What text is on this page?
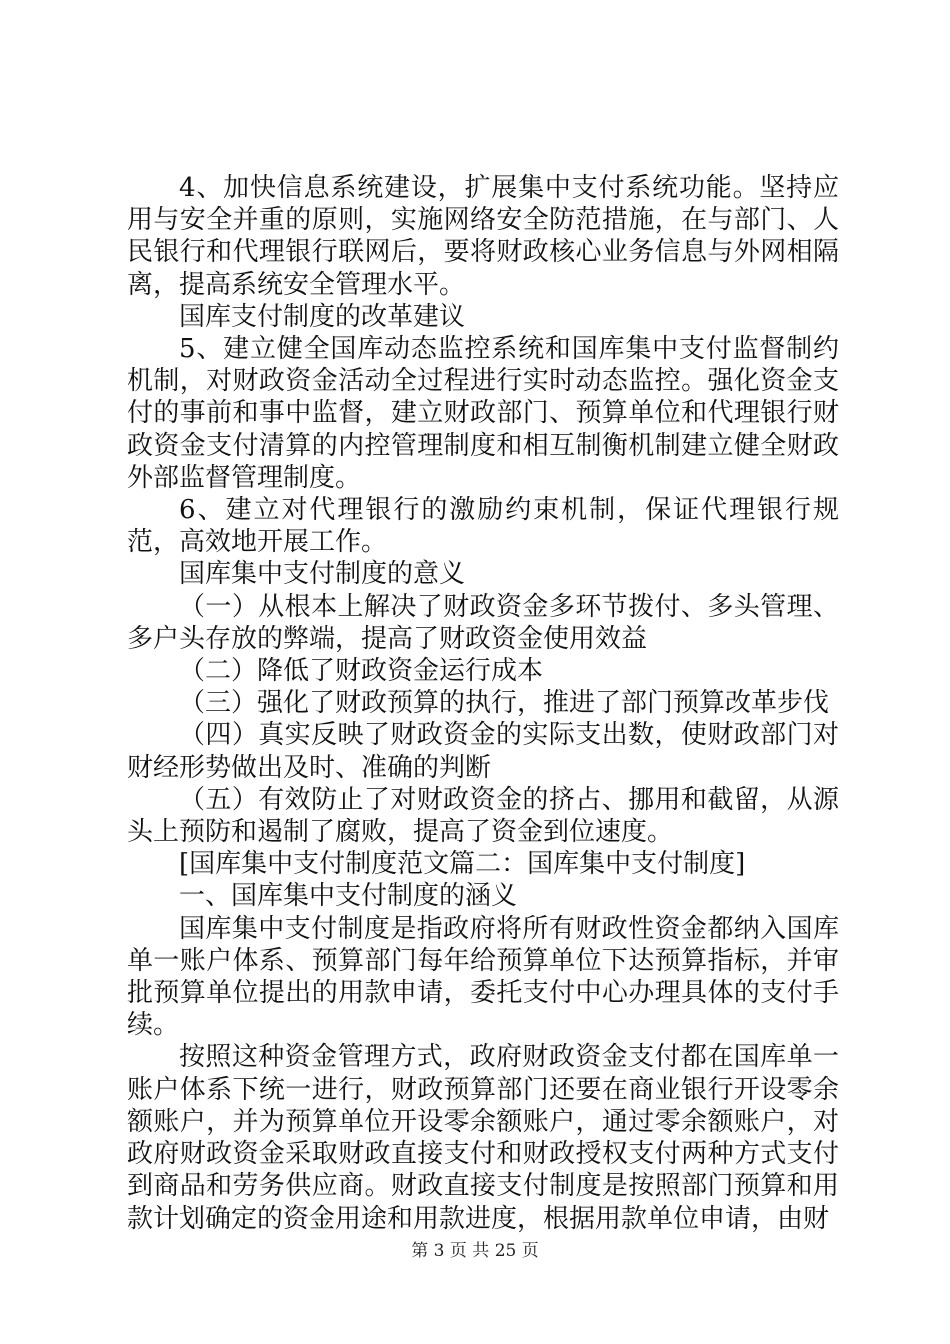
4、加快信息系统建设，扩展集中支付系统功能。坚持应用与安全并重的原则，实施网络安全防范措施，在与部门、人民银行和代理银行联网后，要将财政核心业务信息与外网相隔离，提高系统安全管理水平。

国库支付制度的改革建议

5、建立健全国库动态监控系统和国库集中支付监督制约机制，对财政资金活动全过程进行实时动态监控。强化资金支付的事前和事中监督，建立财政部门、预算单位和代理银行财政资金支付清算的内控管理制度和相互制衡机制建立健全财政外部监督管理制度。

6、建立对代理银行的激励约束机制，保证代理银行规范，高效地开展工作。

国库集中支付制度的意义

（一）从根本上解决了财政资金多环节拨付、多头管理、多户头存放的弊端，提高了财政资金使用效益

（二）降低了财政资金运行成本

（三）强化了财政预算的执行，推进了部门预算改革步伐

（四）真实反映了财政资金的实际支出数，使财政部门对财经形势做出及时、准确的判断

（五）有效防止了对财政资金的挤占、挪用和截留，从源头上预防和遏制了腐败，提高了资金到位速度。

[国库集中支付制度范文篇二：国库集中支付制度]

一、国库集中支付制度的涵义

国库集中支付制度是指政府将所有财政性资金都纳入国库单一账户体系、预算部门每年给预算单位下达预算指标，并审批预算单位提出的用款申请，委托支付中心办理具体的支付手续。

按照这种资金管理方式，政府财政资金支付都在国库单一账户体系下统一进行，财政预算部门还要在商业银行开设零余额账户，并为预算单位开设零余额账户，通过零余额账户，对政府财政资金采取财政直接支付和财政授权支付两种方式支付到商品和劳务供应商。财政直接支付制度是按照部门预算和用款计划确定的资金用途和用款进度，根据用款单位申请，由财

第 3 页 共 25 页
